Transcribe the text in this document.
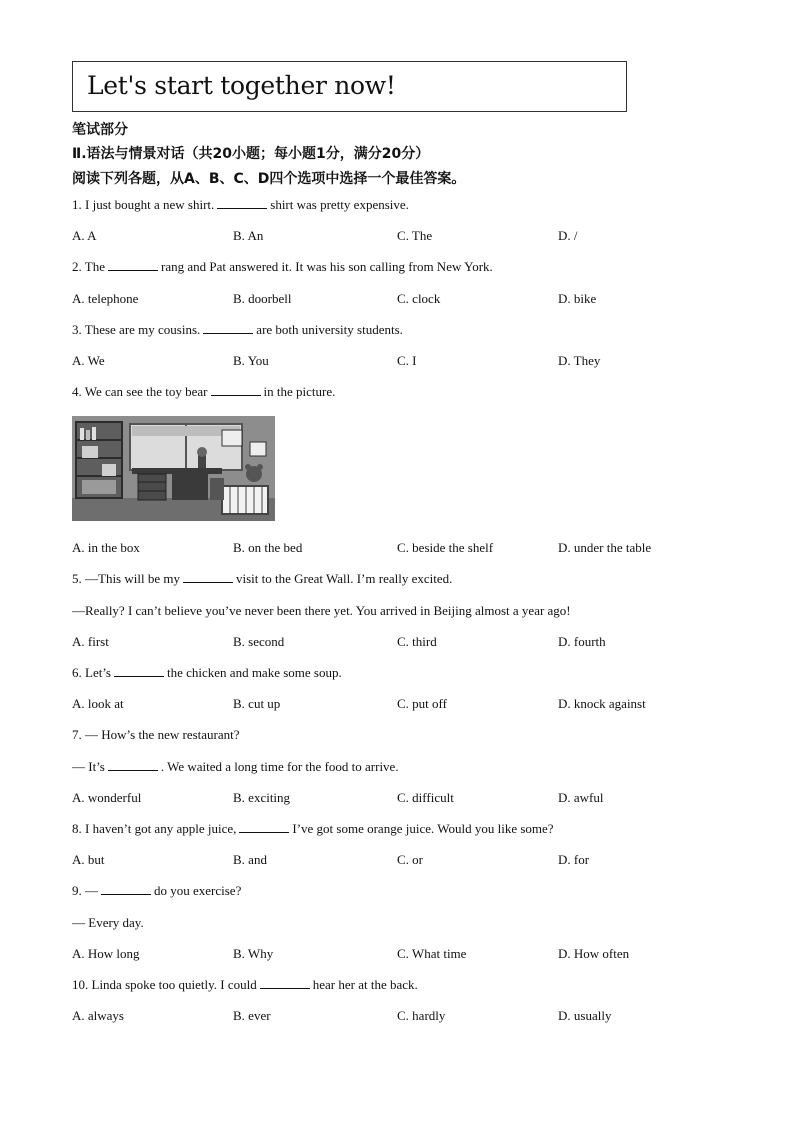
Let's start together now!
笔试部分
Ⅱ.语法与情景对话（共20小题；每小题1分，满分20分）
阅读下列各题，从A、B、C、D四个选项中选择一个最佳答案。
1. I just bought a new shirt.	shirt was pretty expensive.
A. A	B. An	C. The	D. /
2. The	rang and Pat answered it. It was his son calling from New York.
A. telephone	B. doorbell	C. clock	D. bike
3. These are my cousins.	are both university students.
A. We	B. You	C. I	D. They
4. We can see the toy bear	in the picture.
A. in the box	B. on the bed	C. beside the shelf	D. under the table
5. —This will be my	visit to the Great Wall. I’m really excited.
—Really? I can’t believe you’ve never been there yet. You arrived in Beijing almost a year ago!
A. first	B. second	C. third	D. fourth
6. Let’s	the chicken and make some soup.
A. look at	B. cut up	C. put off	D. knock against
7. — How’s the new restaurant?
— It’s	. We waited a long time for the food to arrive.
A. wonderful	B. exciting	C. difficult	D. awful
8. I haven’t got any apple juice,	I’ve got some orange juice. Would you like some?
A. but	B. and	C. or	D. for
9. —	do you exercise?
— Every day.
A. How long	B. Why	C. What time	D. How often
10. Linda spoke too quietly. I could	hear her at the back.
A. always	B. ever	C. hardly	D. usually
